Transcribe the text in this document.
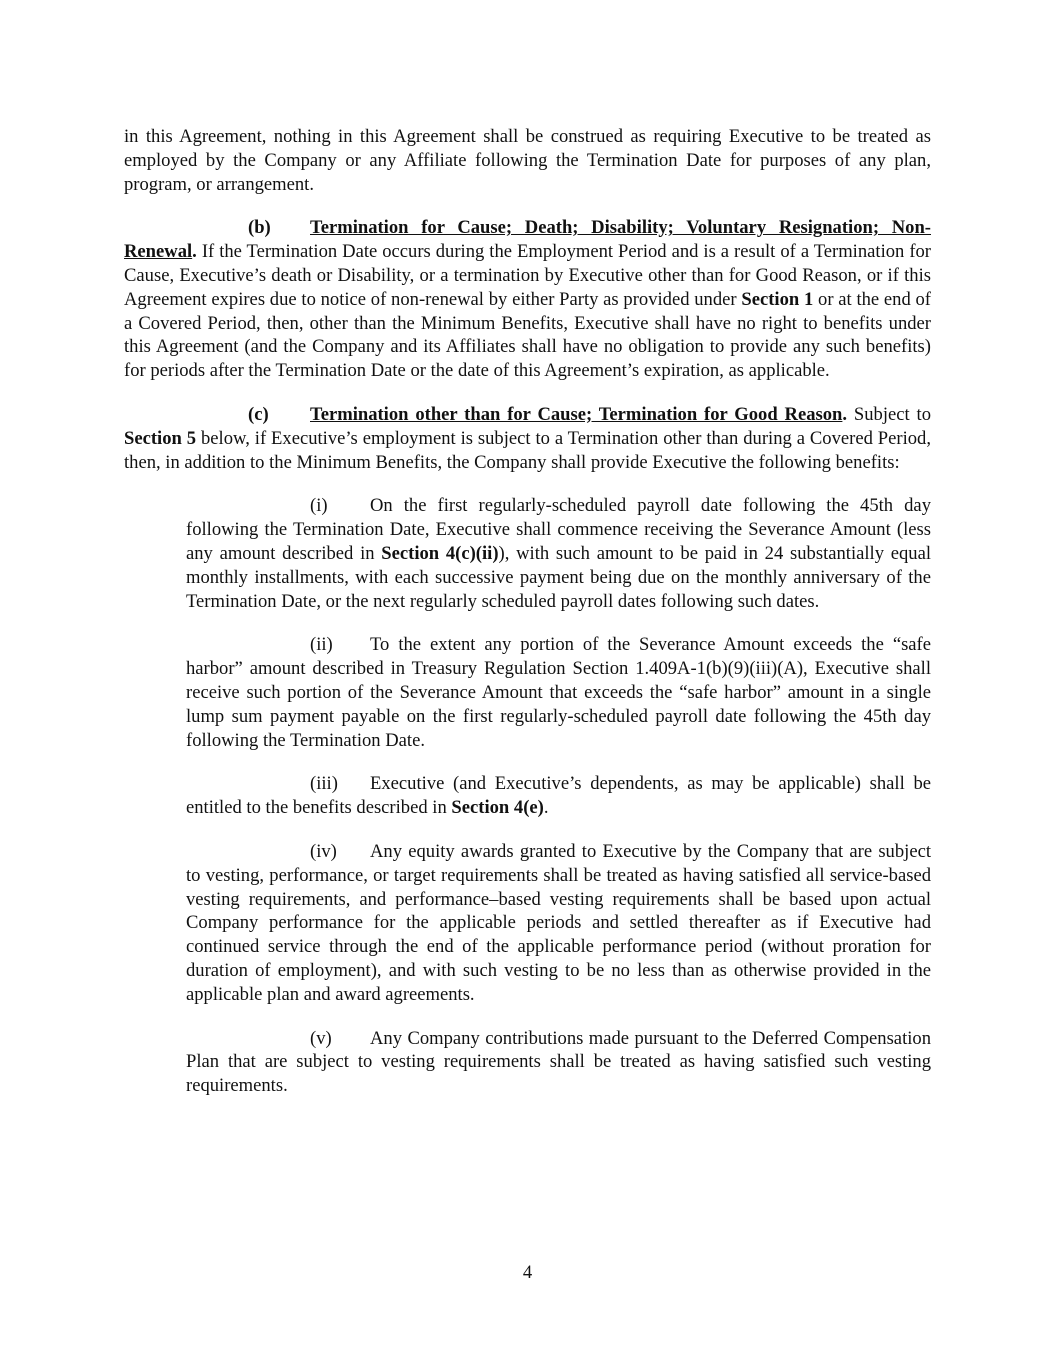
in this Agreement, nothing in this Agreement shall be construed as requiring Executive to be treated as employed by the Company or any Affiliate following the Termination Date for purposes of any plan, program, or arrangement.

(b) Termination for Cause; Death; Disability; Voluntary Resignation; Non-Renewal. If the Termination Date occurs during the Employment Period and is a result of a Termination for Cause, Executive’s death or Disability, or a termination by Executive other than for Good Reason, or if this Agreement expires due to notice of non-renewal by either Party as provided under Section 1 or at the end of a Covered Period, then, other than the Minimum Benefits, Executive shall have no right to benefits under this Agreement (and the Company and its Affiliates shall have no obligation to provide any such benefits) for periods after the Termination Date or the date of this Agreement’s expiration, as applicable.

(c) Termination other than for Cause; Termination for Good Reason. Subject to Section 5 below, if Executive’s employment is subject to a Termination other than during a Covered Period, then, in addition to the Minimum Benefits, the Company shall provide Executive the following benefits:

(i) On the first regularly-scheduled payroll date following the 45th day following the Termination Date, Executive shall commence receiving the Severance Amount (less any amount described in Section 4(c)(ii)), with such amount to be paid in 24 substantially equal monthly installments, with each successive payment being due on the monthly anniversary of the Termination Date, or the next regularly scheduled payroll dates following such dates.

(ii) To the extent any portion of the Severance Amount exceeds the “safe harbor” amount described in Treasury Regulation Section 1.409A-1(b)(9)(iii)(A), Executive shall receive such portion of the Severance Amount that exceeds the “safe harbor” amount in a single lump sum payment payable on the first regularly-scheduled payroll date following the 45th day following the Termination Date.

(iii) Executive (and Executive’s dependents, as may be applicable) shall be entitled to the benefits described in Section 4(e).

(iv) Any equity awards granted to Executive by the Company that are subject to vesting, performance, or target requirements shall be treated as having satisfied all service-based vesting requirements, and performance–based vesting requirements shall be based upon actual Company performance for the applicable periods and settled thereafter as if Executive had continued service through the end of the applicable performance period (without proration for duration of employment), and with such vesting to be no less than as otherwise provided in the applicable plan and award agreements.

(v) Any Company contributions made pursuant to the Deferred Compensation Plan that are subject to vesting requirements shall be treated as having satisfied such vesting requirements.

4
